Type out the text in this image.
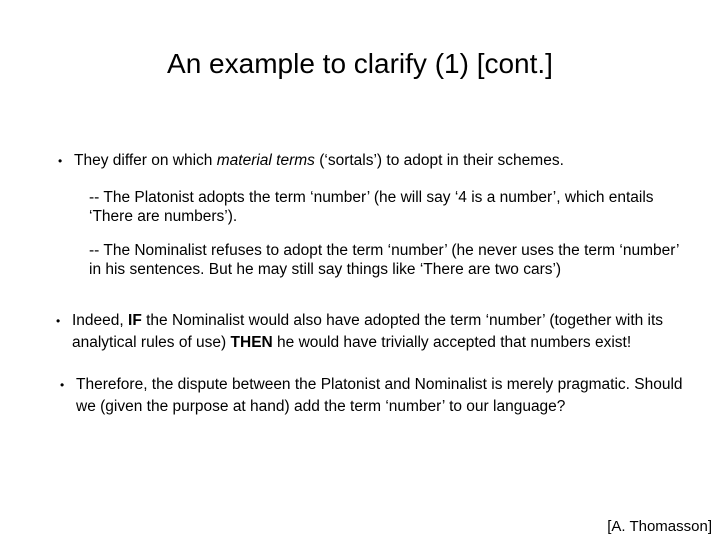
An example to clarify (1) [cont.]
• They differ on which material terms (‘sortals’) to adopt in their schemes.
-- The Platonist adopts the term ‘number’ (he will say ‘4 is a number’, which entails ‘There are numbers’).
-- The Nominalist refuses to adopt the term ‘number’ (he never uses the term ‘number’ in his sentences. But he may still say things like ‘There are two cars’)
• Indeed, IF the Nominalist would also have adopted the term ‘number’ (together with its analytical rules of use) THEN he would have trivially accepted that numbers exist!
• Therefore, the dispute between the Platonist and Nominalist is merely pragmatic. Should we (given the purpose at hand) add the term ‘number’ to our language?
[A. Thomasson]
